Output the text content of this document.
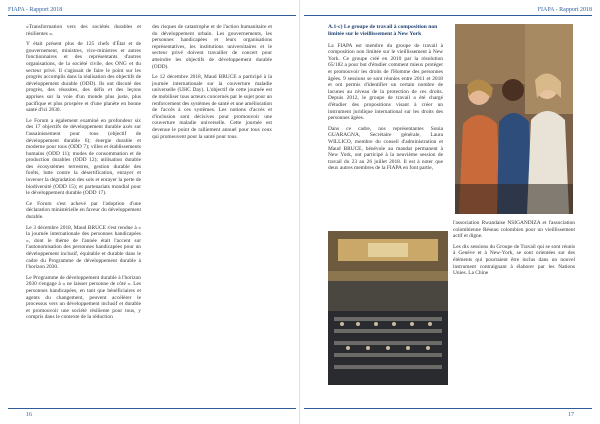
FIAPA - Rapport 2018

«Transformation vers des sociétés durables et résilientes ».

Y était présent plus de 125 chefs d'État et de gouvernement, ministres, vice-ministres et autres fonctionnaires et des représentants d'autres organisations, de la société civile, des ONG et du secteur privé. Il s'agissait de faire le point sur les progrès accomplis dans la réalisation des objectifs de développement durable (ODD). Ils ont discuté des progrès, des réussites, des défis et des leçons apprises sur la voie d'un monde plus juste, plus pacifique et plus prospère et d'une planète en bonne santé d'ici 2030.

Le Forum a également examiné en profondeur six des 17 objectifs de développement durable axés sur l'assainissement pour tous (objectif de développement durable 6); énergie durable et moderne pour tous (ODD 7); villes et établissements humains (ODD 11); modes de consommation et de production durables (ODD 12); utilisation durable des écosystèmes terrestres, gestion durable des forêts, lutte contre la désertification, enrayer et inverser la dégradation des sols et enrayer la perte de biodiversité (ODD 15); et partenariats mondial pour le développement durable (ODD 17).

Ce Forum s'est achevé par l'adoption d'une déclaration ministérielle en faveur du développement durable.

Le 3 décembre 2018, Maud BRUCE s'est rendue à « la journée internationale des personnes handicapées », dont le thème de l'année était l'accent sur l'autonomisation des personnes handicapées pour un développement inclusif, équitable et durable dans le cadre du Programme de développement durable à l'horizon 2030.

Le Programme de développement durable à l'horizon 2030 s'engage à « ne laisser personne de côté ». Les personnes handicapées, en tant que bénéficiaires et agents du changement, peuvent accélérer le processus vers un développement inclusif et durable et promouvoir une société résiliente pour tous, y compris dans le contexte de la réduction

des risques de catastrophe et de l'action humanitaire et du développement urbain. Les gouvernements, les personnes handicapées et leurs organisations représentatives, les institutions universitaires et le secteur privé doivent travailler de concert pour atteindre les objectifs de développement durable (ODD).

Le 12 décembre 2018, Maud BRUCE a participé à la journée internationale sur la couverture maladie universelle (UHC Day). L'objectif de cette journée est de mobiliser tous acteurs concernés par le sujet pour un renforcement des systèmes de santé et une amélioration de l'accès à ces systèmes. Les notions d'accès et d'inclusion sont décisives pour promouvoir une couverture maladie universelle. Cette journée est devenue le point de ralliement annuel pour tous ceux qui promeuvent pour la santé pour tous.

16
FIAPA - Rapport 2018
A.1-c) Le groupe de travail à composition non limitée sur le vieillissement à New York

La FIAPA est membre du groupe de travail à composition non limitée sur le vieillissement à New York. Ce groupe créé en 2010 par la résolution 65/182 a pour but d'étudier comment mieux protéger et promouvoir les droits de l'Homme des personnes âgées. 9 sessions se sont réunies entre 2011 et 2018 et ont permis d'identifier un certain nombre de lacunes au niveau de la protection de ces droits. Depuis 2012, le groupe de travail a été chargé d'étudier des propositions visant à créer un instrument juridique international sur les droits des personnes âgées.

Dans ce cadre, nos représentantes Sonia GUARAGNA, Secrétaire générale, Laura WILLICO, membre du conseil d'administration et Maud BRUCE, bénévole au mandat permanent à New York, ont participé à la neuvième session de travail du 23 au 26 juillet 2018. Il est à noter que deux autres membres de la FIAPA en font partie,

l'association Rwandaise NSIGANDIZA et l'association colombienne Réseau colombien pour un vieillissement actif et digne.

Les dix sessions du Groupe de Travail qui se sont réunis à Genève et à New-York, se sont orientées sur des éléments qui pourraient être inclus dans un nouvel instrument contraignant à élaborer par les Nations Unies. La Chine

17
